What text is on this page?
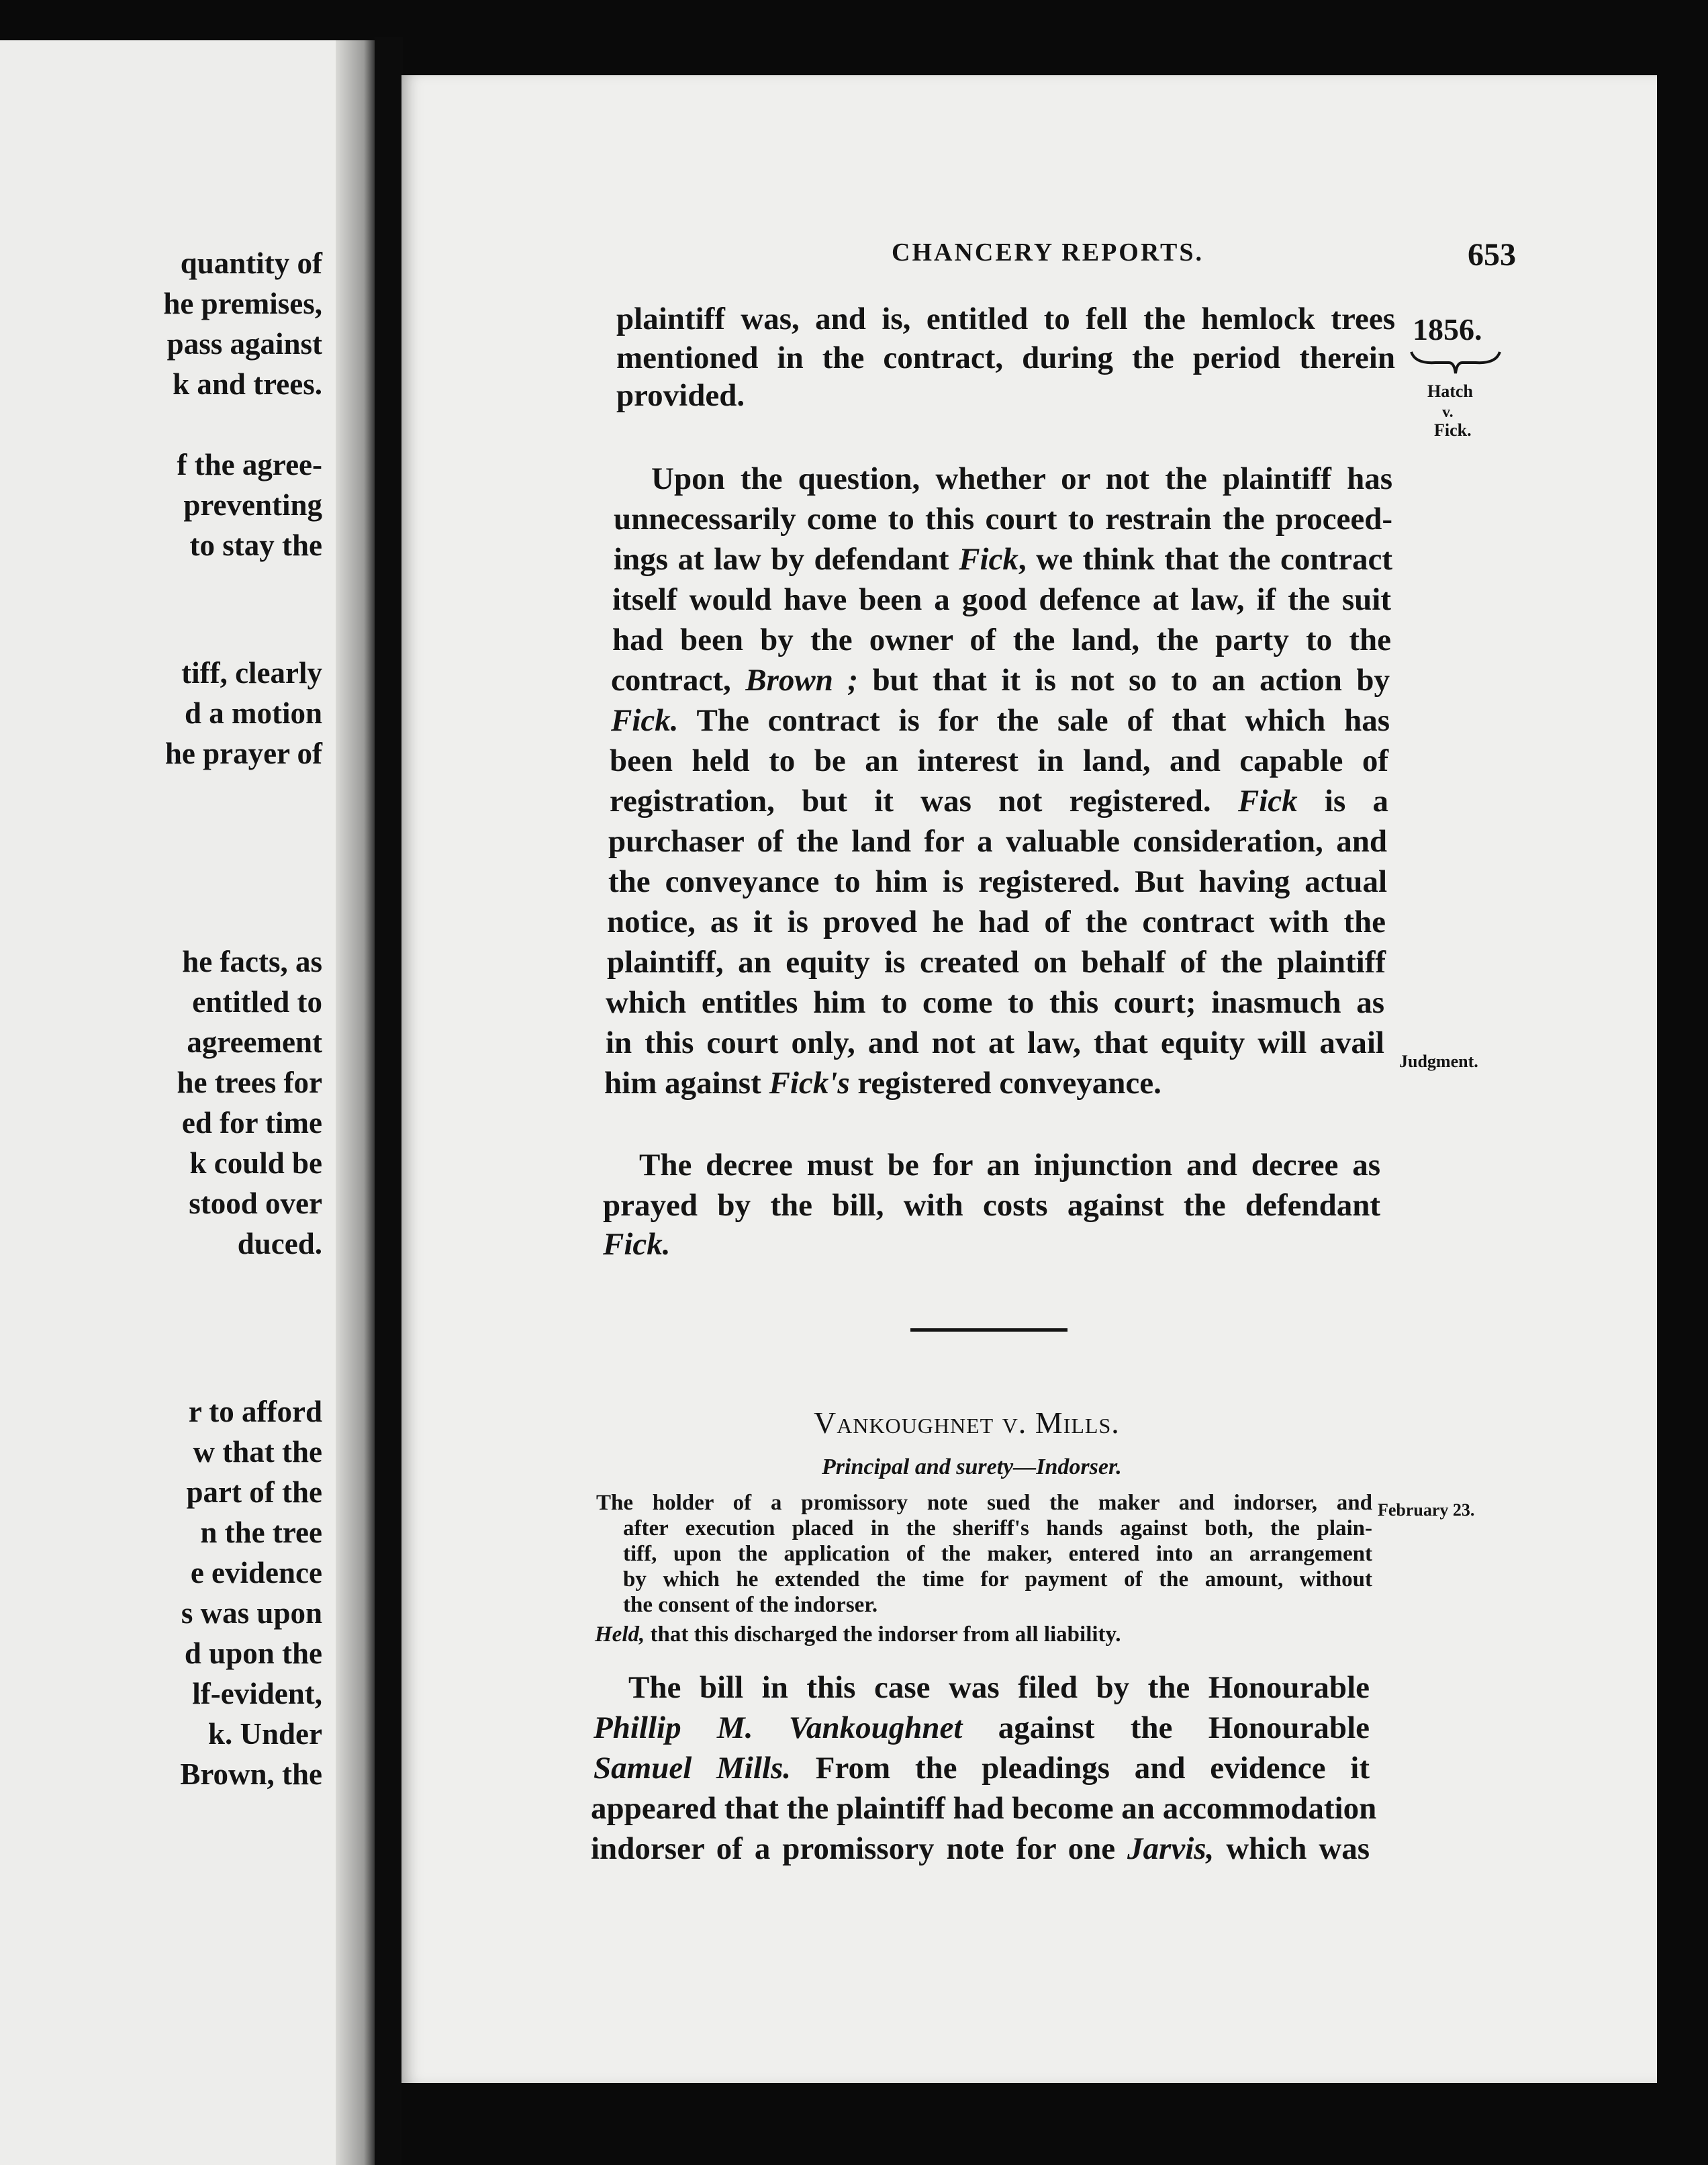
quantity of
he premises,
pass against
k and trees.
f the agree-
preventing
to stay the
tiff, clearly
d a motion
he prayer of
he facts, as
entitled to
agreement
he trees for
ed for time
k could be
stood over
duced.
r to afford
w that the
part of the
n the tree
e evidence
s was upon
d upon the
lf-evident,
k. Under
Brown, the
CHANCERY REPORTS.	653
1856.
Hatch
v.
Fick.
Judgment.
February 23.
plaintiff was, and is, entitled to fell the hemlock trees
mentioned in the contract, during the period therein
provided.
Upon the question, whether or not the plaintiff has
unnecessarily come to this court to restrain the proceed-
ings at law by defendant Fick, we think that the contract
itself would have been a good defence at law, if the suit
had been by the owner of the land, the party to the
contract, Brown ; but that it is not so to an action by
Fick. The contract is for the sale of that which has
been held to be an interest in land, and capable of
registration, but it was not registered. Fick is a
purchaser of the land for a valuable consideration, and
the conveyance to him is registered. But having actual
notice, as it is proved he had of the contract with the
plaintiff, an equity is created on behalf of the plaintiff
which entitles him to come to this court; inasmuch as
in this court only, and not at law, that equity will avail
him against Fick's registered conveyance.
The decree must be for an injunction and decree as
prayed by the bill, with costs against the defendant
Fick.
Vankoughnet v. Mills.
Principal and surety—Indorser.
The holder of a promissory note sued the maker and indorser, and
after execution placed in the sheriff's hands against both, the plain-
tiff, upon the application of the maker, entered into an arrangement
by which he extended the time for payment of the amount, without
the consent of the indorser.
Held, that this discharged the indorser from all liability.
The bill in this case was filed by the Honourable
Phillip M. Vankoughnet against the Honourable
Samuel Mills. From the pleadings and evidence it
appeared that the plaintiff had become an accommodation
indorser of a promissory note for one Jarvis, which was
